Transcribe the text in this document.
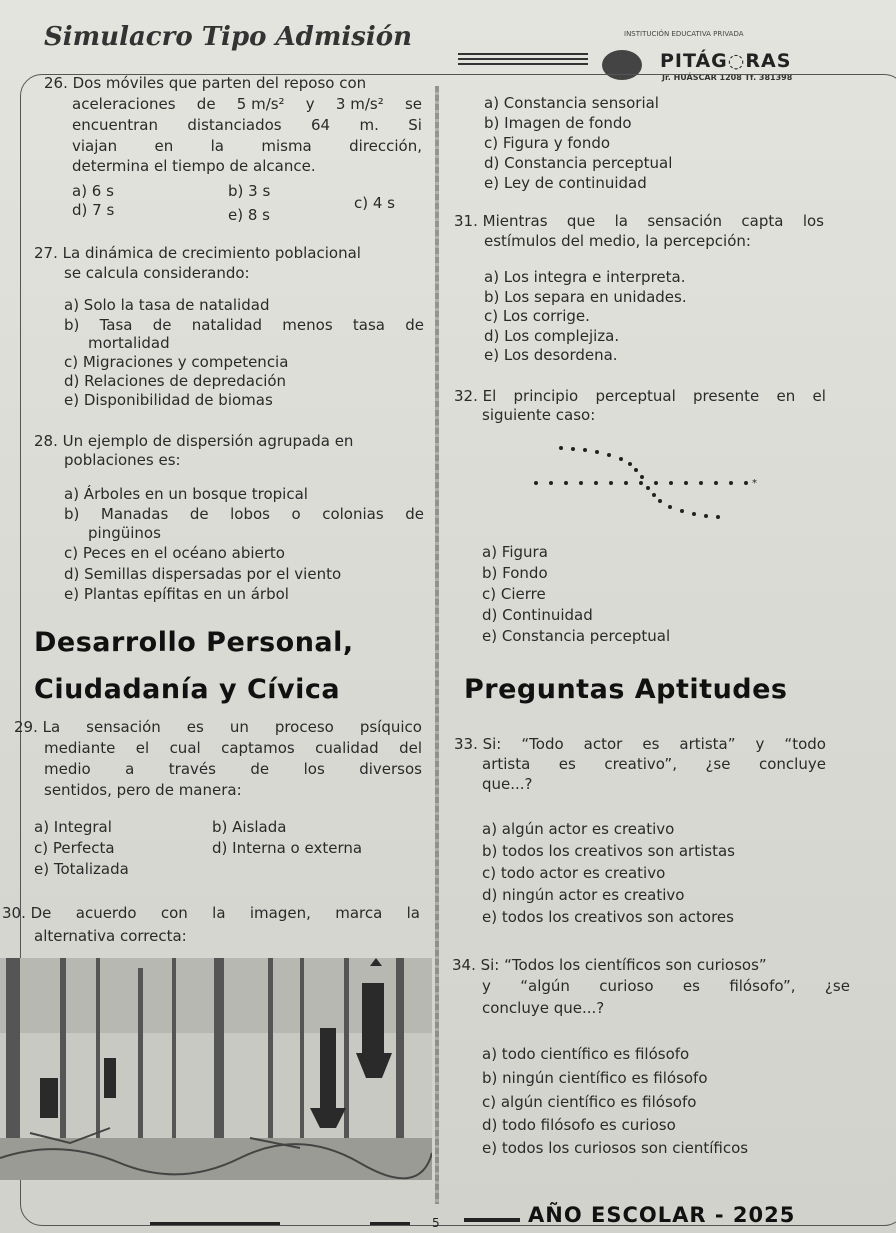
Simulacro Tipo Admisión	INSTITUCIÓN EDUCATIVA PRIVADA
PITÁG◌RAS
Jr. HUÁSCAR 1208 Tf. 381398
26. Dos móviles que parten del reposo con
aceleraciones de 5 m/s² y 3 m/s² se
encuentran distanciados 64 m. Si
viajan en la misma dirección,
determina el tiempo de alcance.
a) 6 s	b) 3 s
c) 4 s
d) 7 s	e) 8 s
27. La dinámica de crecimiento poblacional
se calcula considerando:
a) Solo la tasa de natalidad
b) Tasa de natalidad menos tasa de
mortalidad
c) Migraciones y competencia
d) Relaciones de depredación
e) Disponibilidad de biomas
28. Un ejemplo de dispersión agrupada en
poblaciones es:
a) Árboles en un bosque tropical
b) Manadas de lobos o colonias de
pingüinos
c) Peces en el océano abierto
d) Semillas dispersadas por el viento
e) Plantas epífitas en un árbol
Desarrollo Personal,
Ciudadanía y Cívica
29. La sensación es un proceso psíquico
mediante el cual captamos cualidad del
medio a través de los diversos
sentidos, pero de manera:
a) Integral	b) Aislada
c) Perfecta	d) Interna o externa
e) Totalizada
30. De acuerdo con la imagen, marca la
alternativa correcta:
a) Constancia sensorial
b) Imagen de fondo
c) Figura y fondo
d) Constancia perceptual
e) Ley de continuidad
31. Mientras que la sensación capta los
estímulos del medio, la percepción:
a) Los integra e interpreta.
b) Los separa en unidades.
c) Los corrige.
d) Los complejiza.
e) Los desordena.
32. El principio perceptual presente en el
siguiente caso:
*
a) Figura
b) Fondo
c) Cierre
d) Continuidad
e) Constancia perceptual
Preguntas Aptitudes
33. Si: “Todo actor es artista” y “todo
artista es creativo”, ¿se concluye
que...?
a) algún actor es creativo
b) todos los creativos son artistas
c) todo actor es creativo
d) ningún actor es creativo
e) todos los creativos son actores
34. Si: “Todos los científicos son curiosos”
y “algún curioso es filósofo”, ¿se
concluye que...?
a) todo científico es filósofo
b) ningún científico es filósofo
c) algún científico es filósofo
d) todo filósofo es curioso
e) todos los curiosos son científicos
5	AÑO ESCOLAR - 2025
